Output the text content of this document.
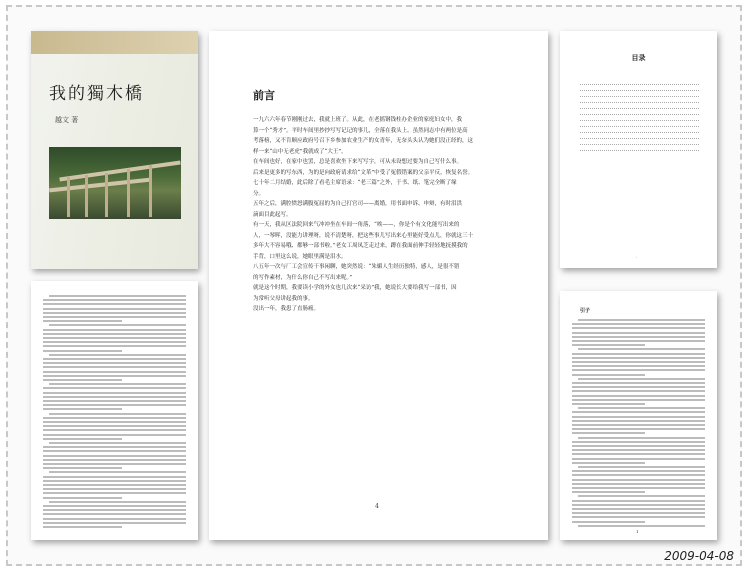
我的獨木橋
越文 著
前言
一九六六年春节刚刚过去，我就上班了。从此，在老摇钢钱柱办企业的家庭妇女中，我
算一个“秀才”。平时车间里抄抄写写记记的事儿，全落在我头上。虽然同志中有两位是高
考落榜，又不肯顺应政府号召下乡参加农业生产的女青年，无奈头头认为她们没正经的，这
样一来“山中无老虎”我就成了“大王”。
在车间也好，在家中也罢，总是喜欢坐下来写写字，可从未设想过要为自己写什么事。
后来是更多的写东西，为的是向政府请求给“文革”中受了冤假错案的父亲平反，恢复名誉。
七十年二月结婚，此后除了看毛主席语录：“老三篇”之外，于书、纸、笔完全断了缘
分。
五年之后，满腔愤怒满腹冤屈的为自己打官司——离婚，用书面申诉、申辩，有时泪洪
滴面目此起写。
有一天，我从区法院回来气冲冲坐在车间一角落，“唉——，你是个有文化能写出来的
人，一琴晖，没能力讲理呀，说不清楚呀，把这些事儿写出来心里能好受点儿，你就这三十
多年大不容易哦、都够一部书啦。”老女工周凤芝走过来，蹲在我面前伸手轻轻地抚摸我的
手背，口里这么说，她眼里满是泪水。
八五年一次与厂工会宣传干事闲聊，她突然说：“朱媚人生经历独特，感人，是很不错
的写作素材，为什么你自己不写出来呢。”
就是这个时期，我要读小学的外女也几次来“采访”我，她说长大要给我写一部书，因
为常听父母讲起我的事。
没出一年，我患了直肠癌。
4
目录
·
引子
1
2009-04-08
